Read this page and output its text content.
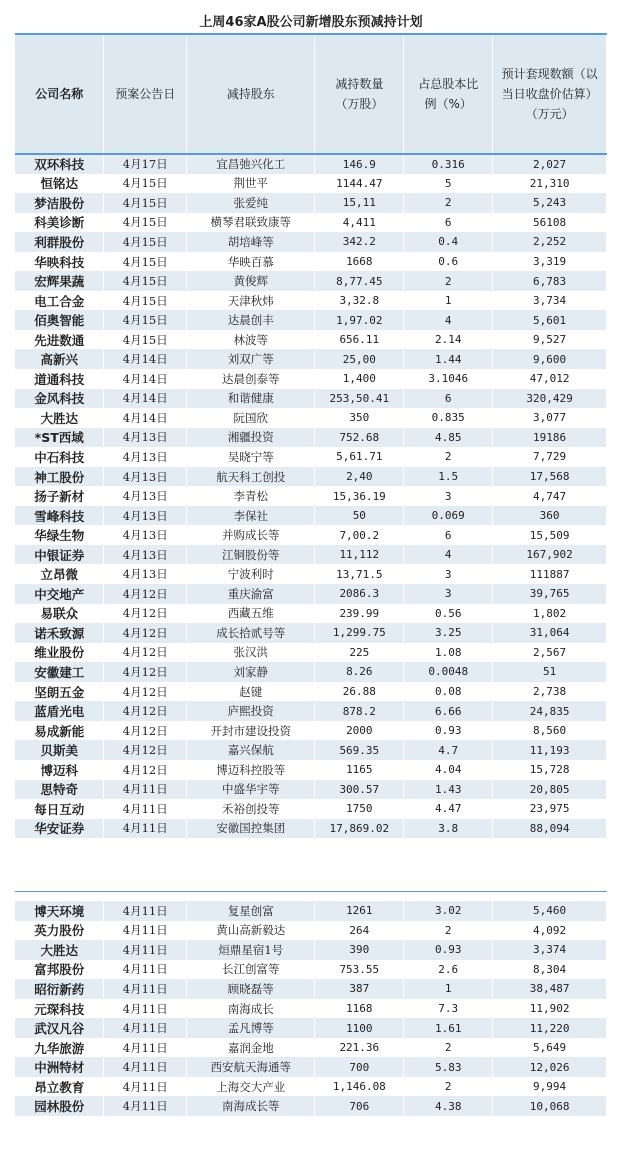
上周46家A股公司新增股东预减持计划
公司名称	预案公告日	减持股东	减持数量（万股）	占总股本比例（%）	预计套现数额（以当日收盘价估算）（万元）
双环科技	4月17日	宜昌弛兴化工	146.9	0.316	2,027
恒铭达	4月15日	荆世平	1144.47	5	21,310
梦洁股份	4月15日	张爱纯	15,11	2	5,243
科美诊断	4月15日	横琴君联致康等	4,411	6	56108
利群股份	4月15日	胡培峰等	342.2	0.4	2,252
华映科技	4月15日	华映百慕	1668	0.6	3,319
宏辉果蔬	4月15日	黄俊辉	8,77.45	2	6,783
电工合金	4月15日	天津秋炜	3,32.8	1	3,734
佰奥智能	4月15日	达晨创丰	1,97.02	4	5,601
先进数通	4月15日	林波等	656.11	2.14	9,527
高新兴	4月14日	刘双广等	25,00	1.44	9,600
道通科技	4月14日	达晨创泰等	1,400	3.1046	47,012
金风科技	4月14日	和谐健康	253,50.41	6	320,429
大胜达	4月14日	阮国欣	350	0.835	3,077
*ST西域	4月13日	湘疆投资	752.68	4.85	19186
中石科技	4月13日	吴晓宁等	5,61.71	2	7,729
神工股份	4月13日	航天科工创投	2,40	1.5	17,568
扬子新材	4月13日	李青松	15,36.19	3	4,747
雪峰科技	4月13日	李保社	50	0.069	360
华绿生物	4月13日	并购成长等	7,00.2	6	15,509
中银证券	4月13日	江铜股份等	11,112	4	167,902
立昂微	4月13日	宁波利时	13,71.5	3	111887
中交地产	4月12日	重庆渝富	2086.3	3	39,765
易联众	4月12日	西藏五维	239.99	0.56	1,802
诺禾致源	4月12日	成长拾贰号等	1,299.75	3.25	31,064
维业股份	4月12日	张汉洪	225	1.08	2,567
安徽建工	4月12日	刘家静	8.26	0.0048	51
坚朗五金	4月12日	赵键	26.88	0.08	2,738
蓝盾光电	4月12日	庐熙投资	878.2	6.66	24,835
易成新能	4月12日	开封市建设投资	2000	0.93	8,560
贝斯美	4月12日	嘉兴保航	569.35	4.7	11,193
博迈科	4月12日	博迈科控股等	1165	4.04	15,728
思特奇	4月11日	中盛华宇等	300.57	1.43	20,805
每日互动	4月11日	禾裕创投等	1750	4.47	23,975
华安证券	4月11日	安徽国控集团	17,869.02	3.8	88,094
博天环境	4月11日	复星创富	1261	3.02	5,460
英力股份	4月11日	黄山高新毅达	264	2	4,092
大胜达	4月11日	烜鼎星宿1号	390	0.93	3,374
富邦股份	4月11日	长江创富等	753.55	2.6	8,304
昭衍新药	4月11日	顾晓磊等	387	1	38,487
元琛科技	4月11日	南海成长	1168	7.3	11,902
武汉凡谷	4月11日	孟凡博等	1100	1.61	11,220
九华旅游	4月11日	嘉润金地	221.36	2	5,649
中洲特材	4月11日	西安航天海通等	700	5.83	12,026
昂立教育	4月11日	上海交大产业	1,146.08	2	9,994
园林股份	4月11日	南海成长等	706	4.38	10,068
